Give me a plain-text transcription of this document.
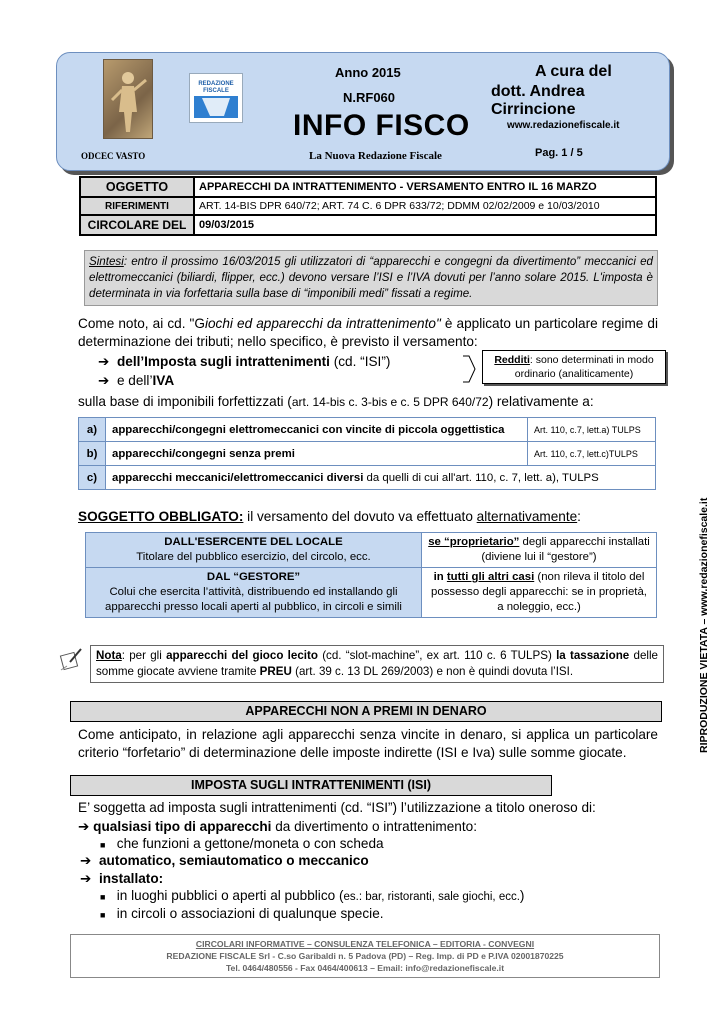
REDAZIONE
FISCALE
ODCEC VASTO
Anno 2015
N.RF060
INFO FISCO
La Nuova Redazione Fiscale
A cura del
dott. Andrea Cirrincione
www.redazionefiscale.it
Pag. 1 / 5
OGGETTO	APPARECCHI DA INTRATTENIMENTO - VERSAMENTO ENTRO IL 16 MARZO
RIFERIMENTI	ART. 14-BIS DPR 640/72; ART. 74 C. 6 DPR 633/72; DDMM 02/02/2009 e 10/03/2010
CIRCOLARE DEL	09/03/2015
Sintesi: entro il prossimo 16/03/2015 gli utilizzatori di “apparecchi e congegni da divertimento” meccanici ed elettromeccanici (biliardi, flipper, ecc.) devono versare l’ISI e l’IVA dovuti per l’anno solare 2015. L'imposta è determinata in via forfettaria sulla base di “imponibili medi” fissati a regime.
Come noto, ai cd. "Giochi ed apparecchi da intrattenimento" è applicato un particolare regime di determinazione dei tributi; nello specifico, è previsto il versamento:
➔ dell’Imposta sugli intrattenimenti (cd. “ISI”)
➔ e dell’IVA
Redditi: sono determinati in modo ordinario (analiticamente)
sulla base di imponibili forfettizzati (art. 14-bis c. 3-bis e c. 5 DPR 640/72) relativamente a:
a)	apparecchi/congegni elettromeccanici con vincite di piccola oggettistica	Art. 110, c.7, lett.a) TULPS
b)	apparecchi/congegni senza premi	Art. 110, c.7, lett.c)TULPS
c)	apparecchi meccanici/elettromeccanici diversi da quelli di cui all'art. 110, c. 7, lett. a), TULPS	
SOGGETTO OBBLIGATO: il versamento del dovuto va effettuato alternativamente:
DALL'ESERCENTE DEL LOCALE
Titolare del pubblico esercizio, del circolo, ecc.	se “proprietario” degli apparecchi installati (diviene lui il “gestore”)
DAL “GESTORE”
Colui che esercita l’attività, distribuendo ed installando gli apparecchi presso locali aperti al pubblico, in circoli e simili	in tutti gli altri casi (non rileva il titolo del possesso degli apparecchi: se in proprietà, a noleggio, ecc.)
Nota: per gli apparecchi del gioco lecito (cd. “slot-machine”, ex art. 110 c. 6 TULPS) la tassazione delle somme giocate avviene tramite PREU (art. 39 c. 13 DL 269/2003) e non è quindi dovuta l’ISI.
APPARECCHI NON A PREMI IN DENARO
Come anticipato, in relazione agli apparecchi senza vincite in denaro, si applica un particolare criterio “forfetario” di determinazione delle imposte indirette (ISI e Iva) sulle somme giocate.
IMPOSTA SUGLI INTRATTENIMENTI (ISI)
E’ soggetta ad imposta sugli intrattenimenti (cd. “ISI”) l’utilizzazione a titolo oneroso di:
➔ qualsiasi tipo di apparecchi da divertimento o intrattenimento:
■ che funzioni a gettone/moneta o con scheda
➔ automatico, semiautomatico o meccanico
➔ installato:
■ in luoghi pubblici o aperti al pubblico (es.: bar, ristoranti, sale giochi, ecc.)
■ in circoli o associazioni di qualunque specie.
CIRCOLARI INFORMATIVE – CONSULENZA TELEFONICA – EDITORIA - CONVEGNI
REDAZIONE FISCALE Srl - C.so Garibaldi n. 5 Padova (PD) – Reg. Imp. di PD e P.IVA 02001870225
Tel. 0464/480556 - Fax 0464/400613 – Email: info@redazionefiscale.it
RIPRODUZIONE VIETATA – www.redazionefiscale.it
